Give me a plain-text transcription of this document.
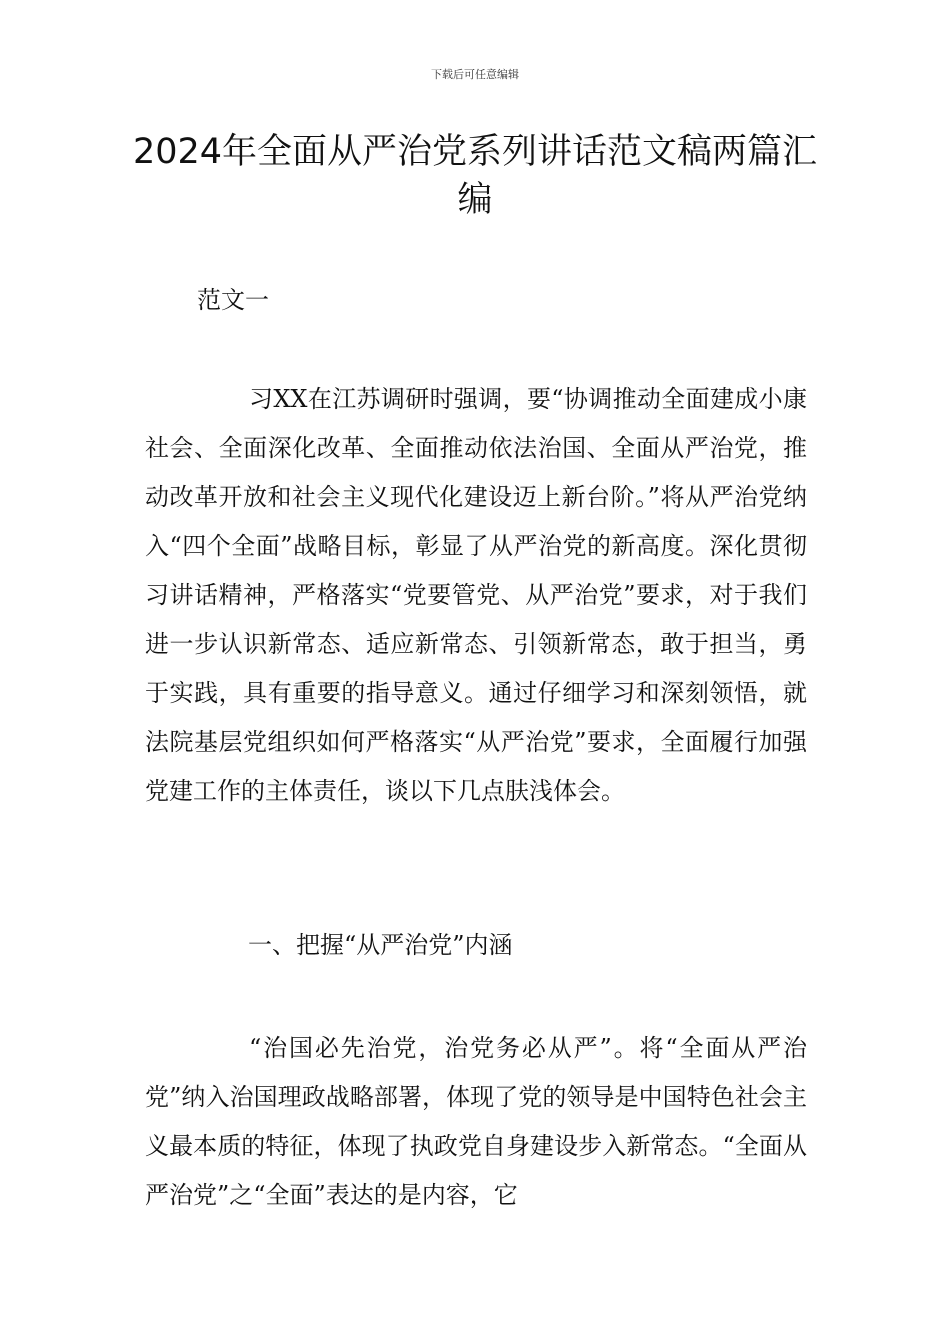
下载后可任意编辑
2024年全面从严治党系列讲话范文稿两篇汇编
范文一
习XX在江苏调研时强调，要“协调推动全面建成小康社会、全面深化改革、全面推动依法治国、全面从严治党，推动改革开放和社会主义现代化建设迈上新台阶。”将从严治党纳入“四个全面”战略目标，彰显了从严治党的新高度。深化贯彻习讲话精神，严格落实“党要管党、从严治党”要求，对于我们进一步认识新常态、适应新常态、引领新常态，敢于担当，勇于实践，具有重要的指导意义。通过仔细学习和深刻领悟，就法院基层党组织如何严格落实“从严治党”要求，全面履行加强党建工作的主体责任，谈以下几点肤浅体会。
一、把握“从严治党”内涵
“治国必先治党，治党务必从严”。将“全面从严治党”纳入治国理政战略部署，体现了党的领导是中国特色社会主义最本质的特征，体现了执政党自身建设步入新常态。“全面从严治党”之“全面”表达的是内容，它
